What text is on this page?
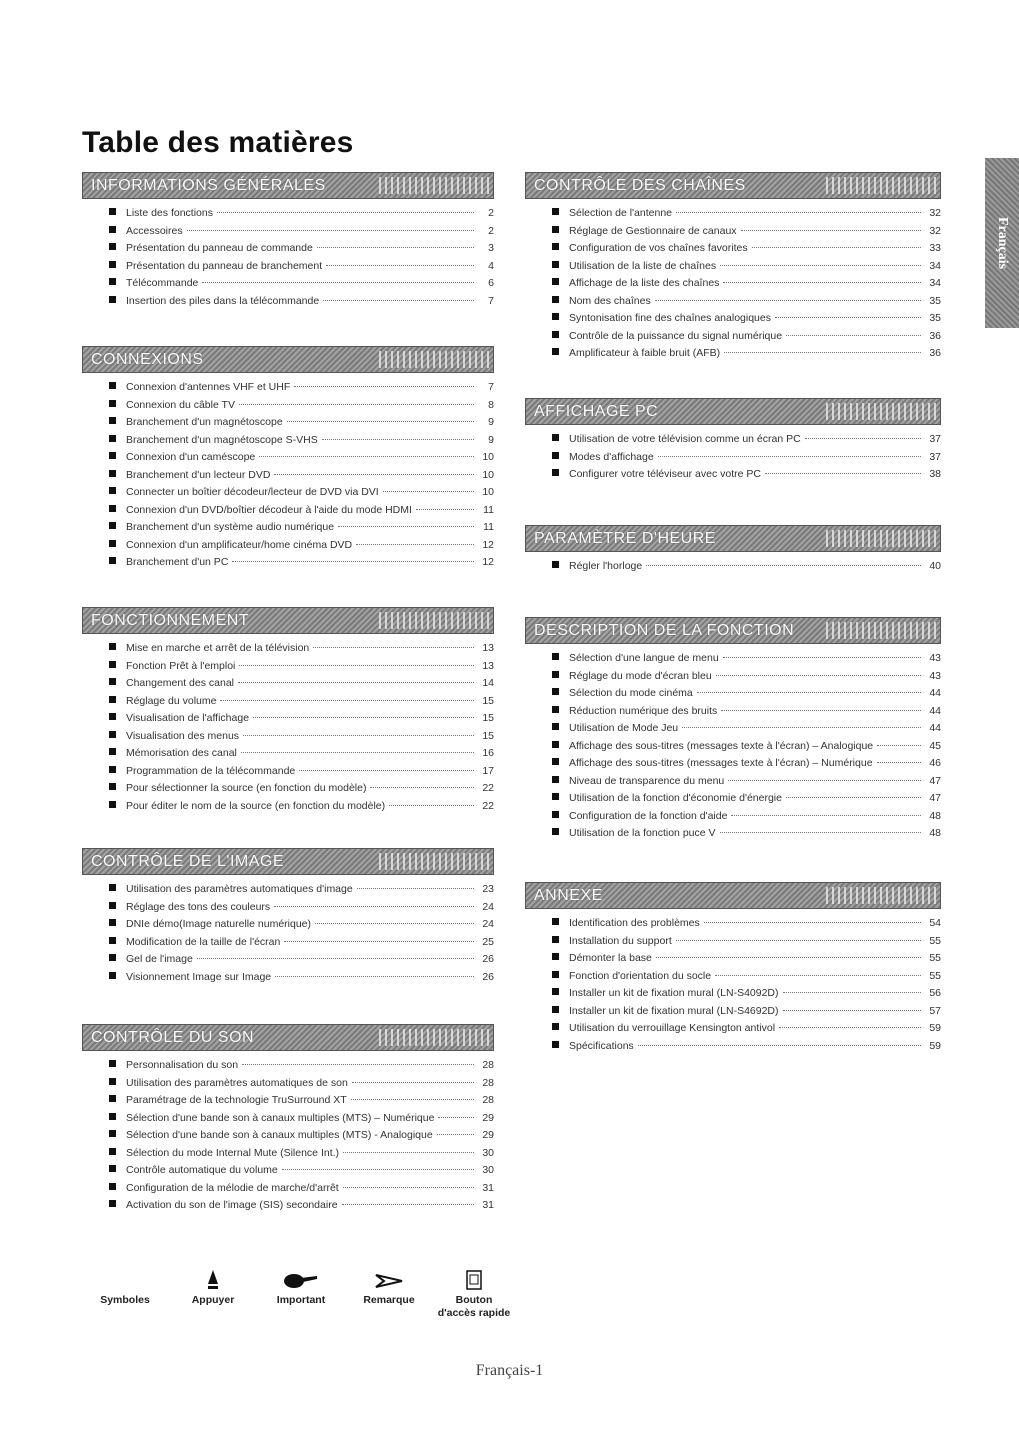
Table des matières
Français
INFORMATIONS GÉNÉRALES
Liste des fonctions	2
Accessoires	2
Présentation du panneau de commande	3
Présentation du panneau de branchement	4
Télécommande	6
Insertion des piles dans la télécommande	7
CONNEXIONS
Connexion d'antennes VHF et UHF	7
Connexion du câble TV	8
Branchement d'un magnétoscope	9
Branchement d'un magnétoscope S-VHS	9
Connexion d'un caméscope	10
Branchement d'un lecteur DVD	10
Connecter un boîtier décodeur/lecteur de DVD via DVI	10
Connexion d'un DVD/boîtier décodeur à l'aide du mode HDMI	11
Branchement d'un système audio numérique	11
Connexion d'un amplificateur/home cinéma DVD	12
Branchement d'un PC	12
FONCTIONNEMENT
Mise en marche et arrêt de la télévision	13
Fonction Prêt à l'emploi	13
Changement des canal	14
Réglage du volume	15
Visualisation de l'affichage	15
Visualisation des menus	15
Mémorisation des canal	16
Programmation de la télécommande	17
Pour sélectionner la source (en fonction du modèle)	22
Pour éditer le nom de la source (en fonction du modèle)	22
CONTRÔLE DE L'IMAGE
Utilisation des paramètres automatiques d'image	23
Réglage des tons des couleurs	24
DNIe démo(Image naturelle numérique)	24
Modification de la taille de l'écran	25
Gel de l'image	26
Visionnement Image sur Image	26
CONTRÔLE DU SON
Personnalisation du son	28
Utilisation des paramètres automatiques de son	28
Paramétrage de la technologie TruSurround XT	28
Sélection d'une bande son à canaux multiples (MTS) – Numérique	29
Sélection d'une bande son à canaux multiples (MTS) - Analogique	29
Sélection du mode Internal Mute (Silence Int.)	30
Contrôle automatique du volume	30
Configuration de la mélodie de marche/d'arrêt	31
Activation du son de l'image (SIS) secondaire	31
CONTRÔLE DES CHAÎNES
Sélection de l'antenne	32
Réglage de Gestionnaire de canaux	32
Configuration de vos chaînes favorites	33
Utilisation de la liste de chaînes	34
Affichage de la liste des chaînes	34
Nom des chaînes	35
Syntonisation fine des chaînes analogiques	35
Contrôle de la puissance du signal numérique	36
Amplificateur à faible bruit (AFB)	36
AFFICHAGE PC
Utilisation de votre télévision comme un écran PC	37
Modes d'affichage	37
Configurer votre téléviseur avec votre PC	38
PARAMÈTRE D'HEURE
Régler l'horloge	40
DESCRIPTION DE LA FONCTION
Sélection d'une langue de menu	43
Réglage du mode d'écran bleu	43
Sélection du mode cinéma	44
Réduction numérique des bruits	44
Utilisation de Mode Jeu	44
Affichage des sous-titres (messages texte à l'écran) – Analogique	45
Affichage des sous-titres (messages texte à l'écran) – Numérique	46
Niveau de transparence du menu	47
Utilisation de la fonction d'économie d'énergie	47
Configuration de la fonction d'aide	48
Utilisation de la fonction puce V	48
ANNEXE
Identification des problèmes	54
Installation du support	55
Démonter la base	55
Fonction d'orientation du socle	55
Installer un kit de fixation mural (LN-S4092D)	56
Installer un kit de fixation mural (LN-S4692D)	57
Utilisation du verrouillage Kensington antivol	59
Spécifications	59
Symboles	Appuyer	Important	Remarque	Bouton
d'accès rapide
Français-1
